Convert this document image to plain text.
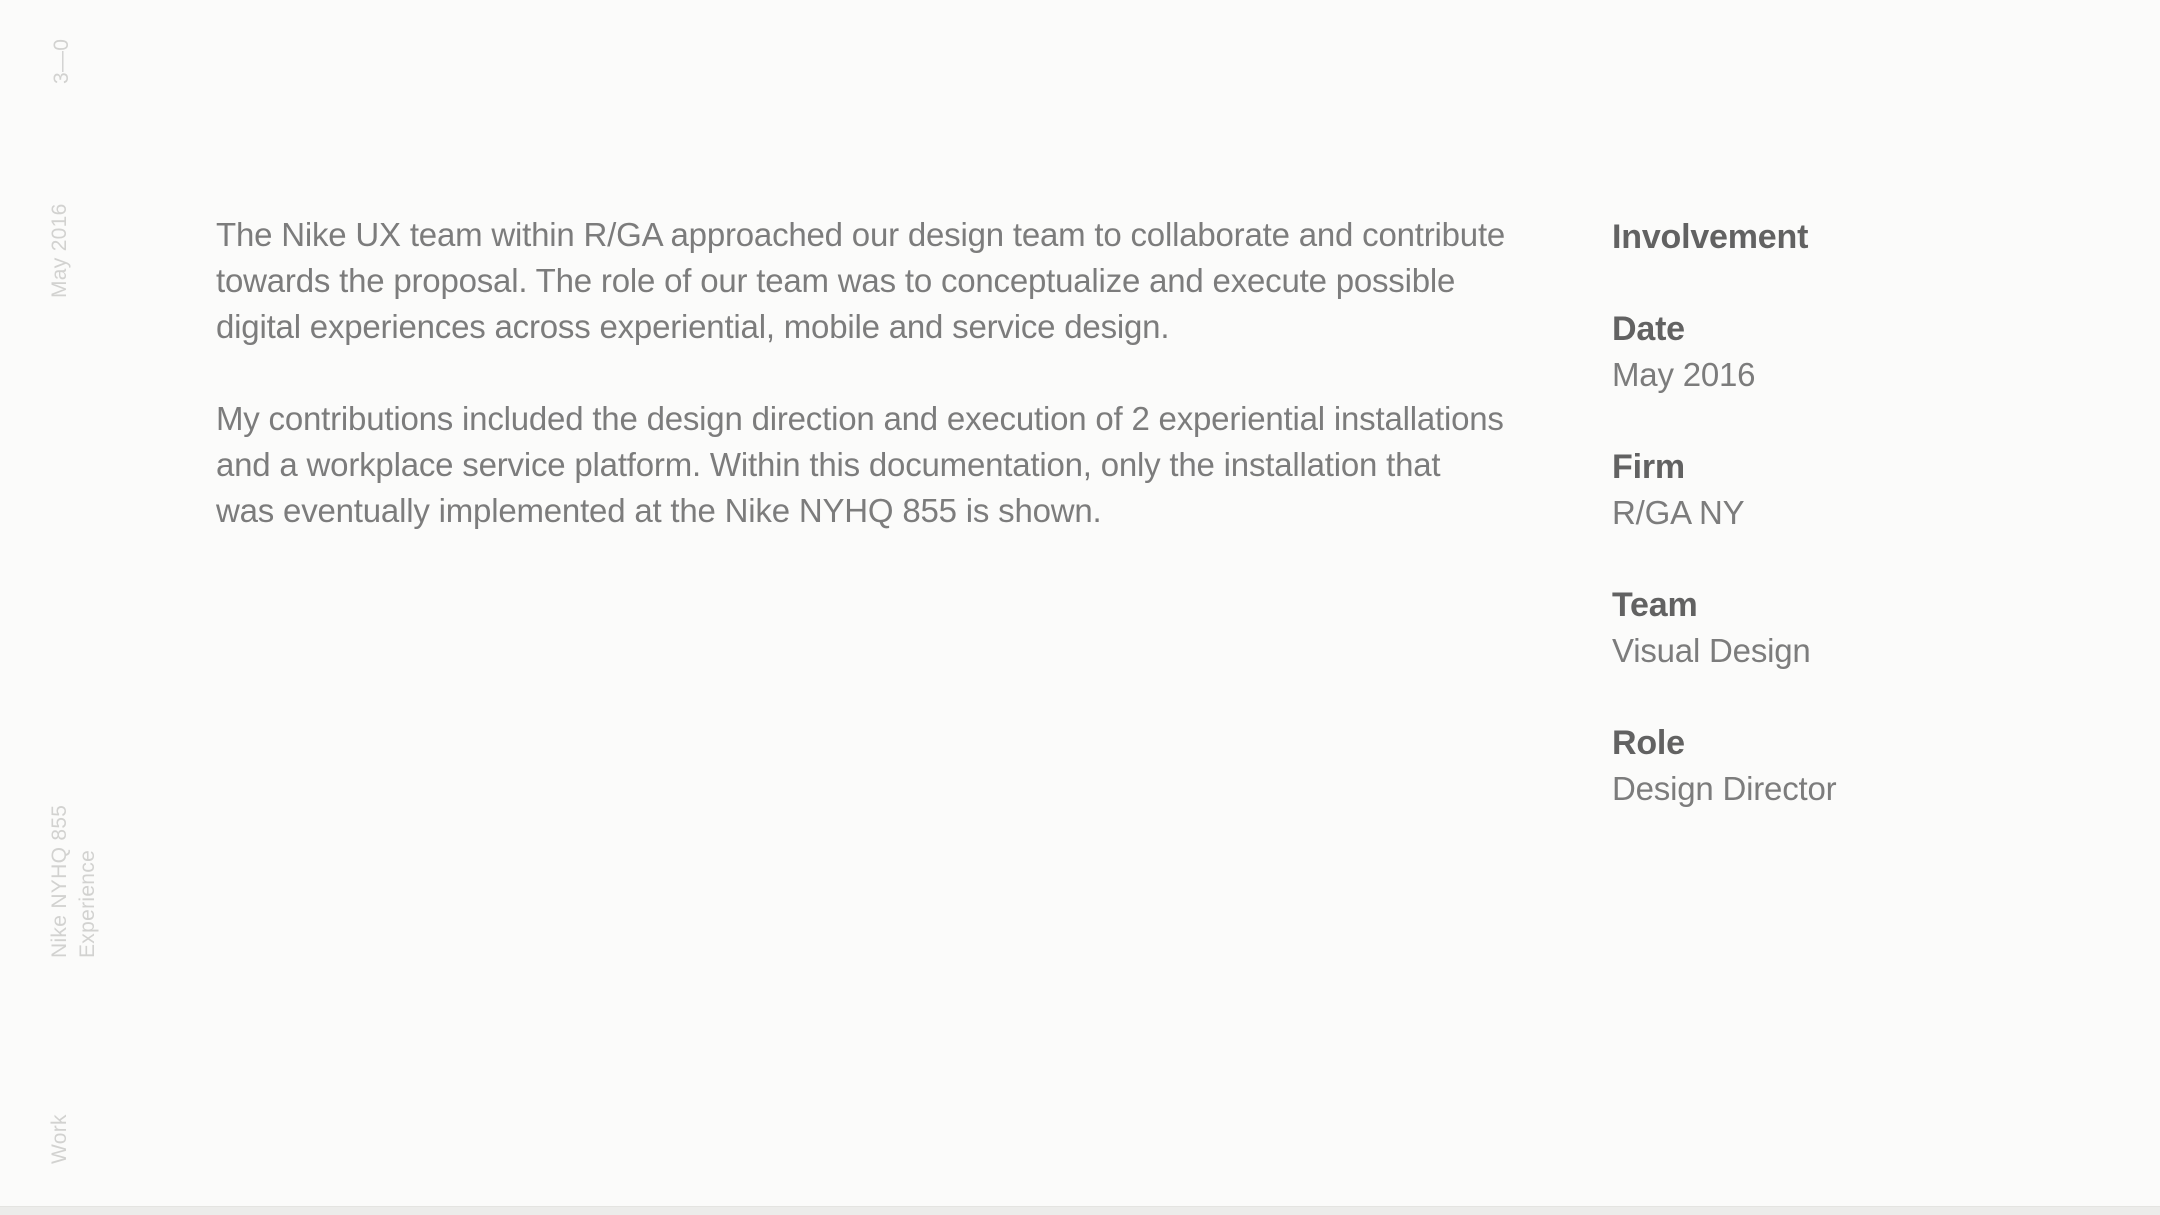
3—0
May 2016
Nike NYHQ 855 Experience
Work

The Nike UX team within R/GA approached our design team to collaborate and contribute
towards the proposal. The role of our team was to conceptualize and execute possible
digital experiences across experiential, mobile and service design.

My contributions included the design direction and execution of 2 experiential installations
and a workplace service platform. Within this documentation, only the installation that
was eventually implemented at the Nike NYHQ 855 is shown.

Involvement
Date
May 2016
Firm
R/GA NY
Team
Visual Design
Role
Design Director
